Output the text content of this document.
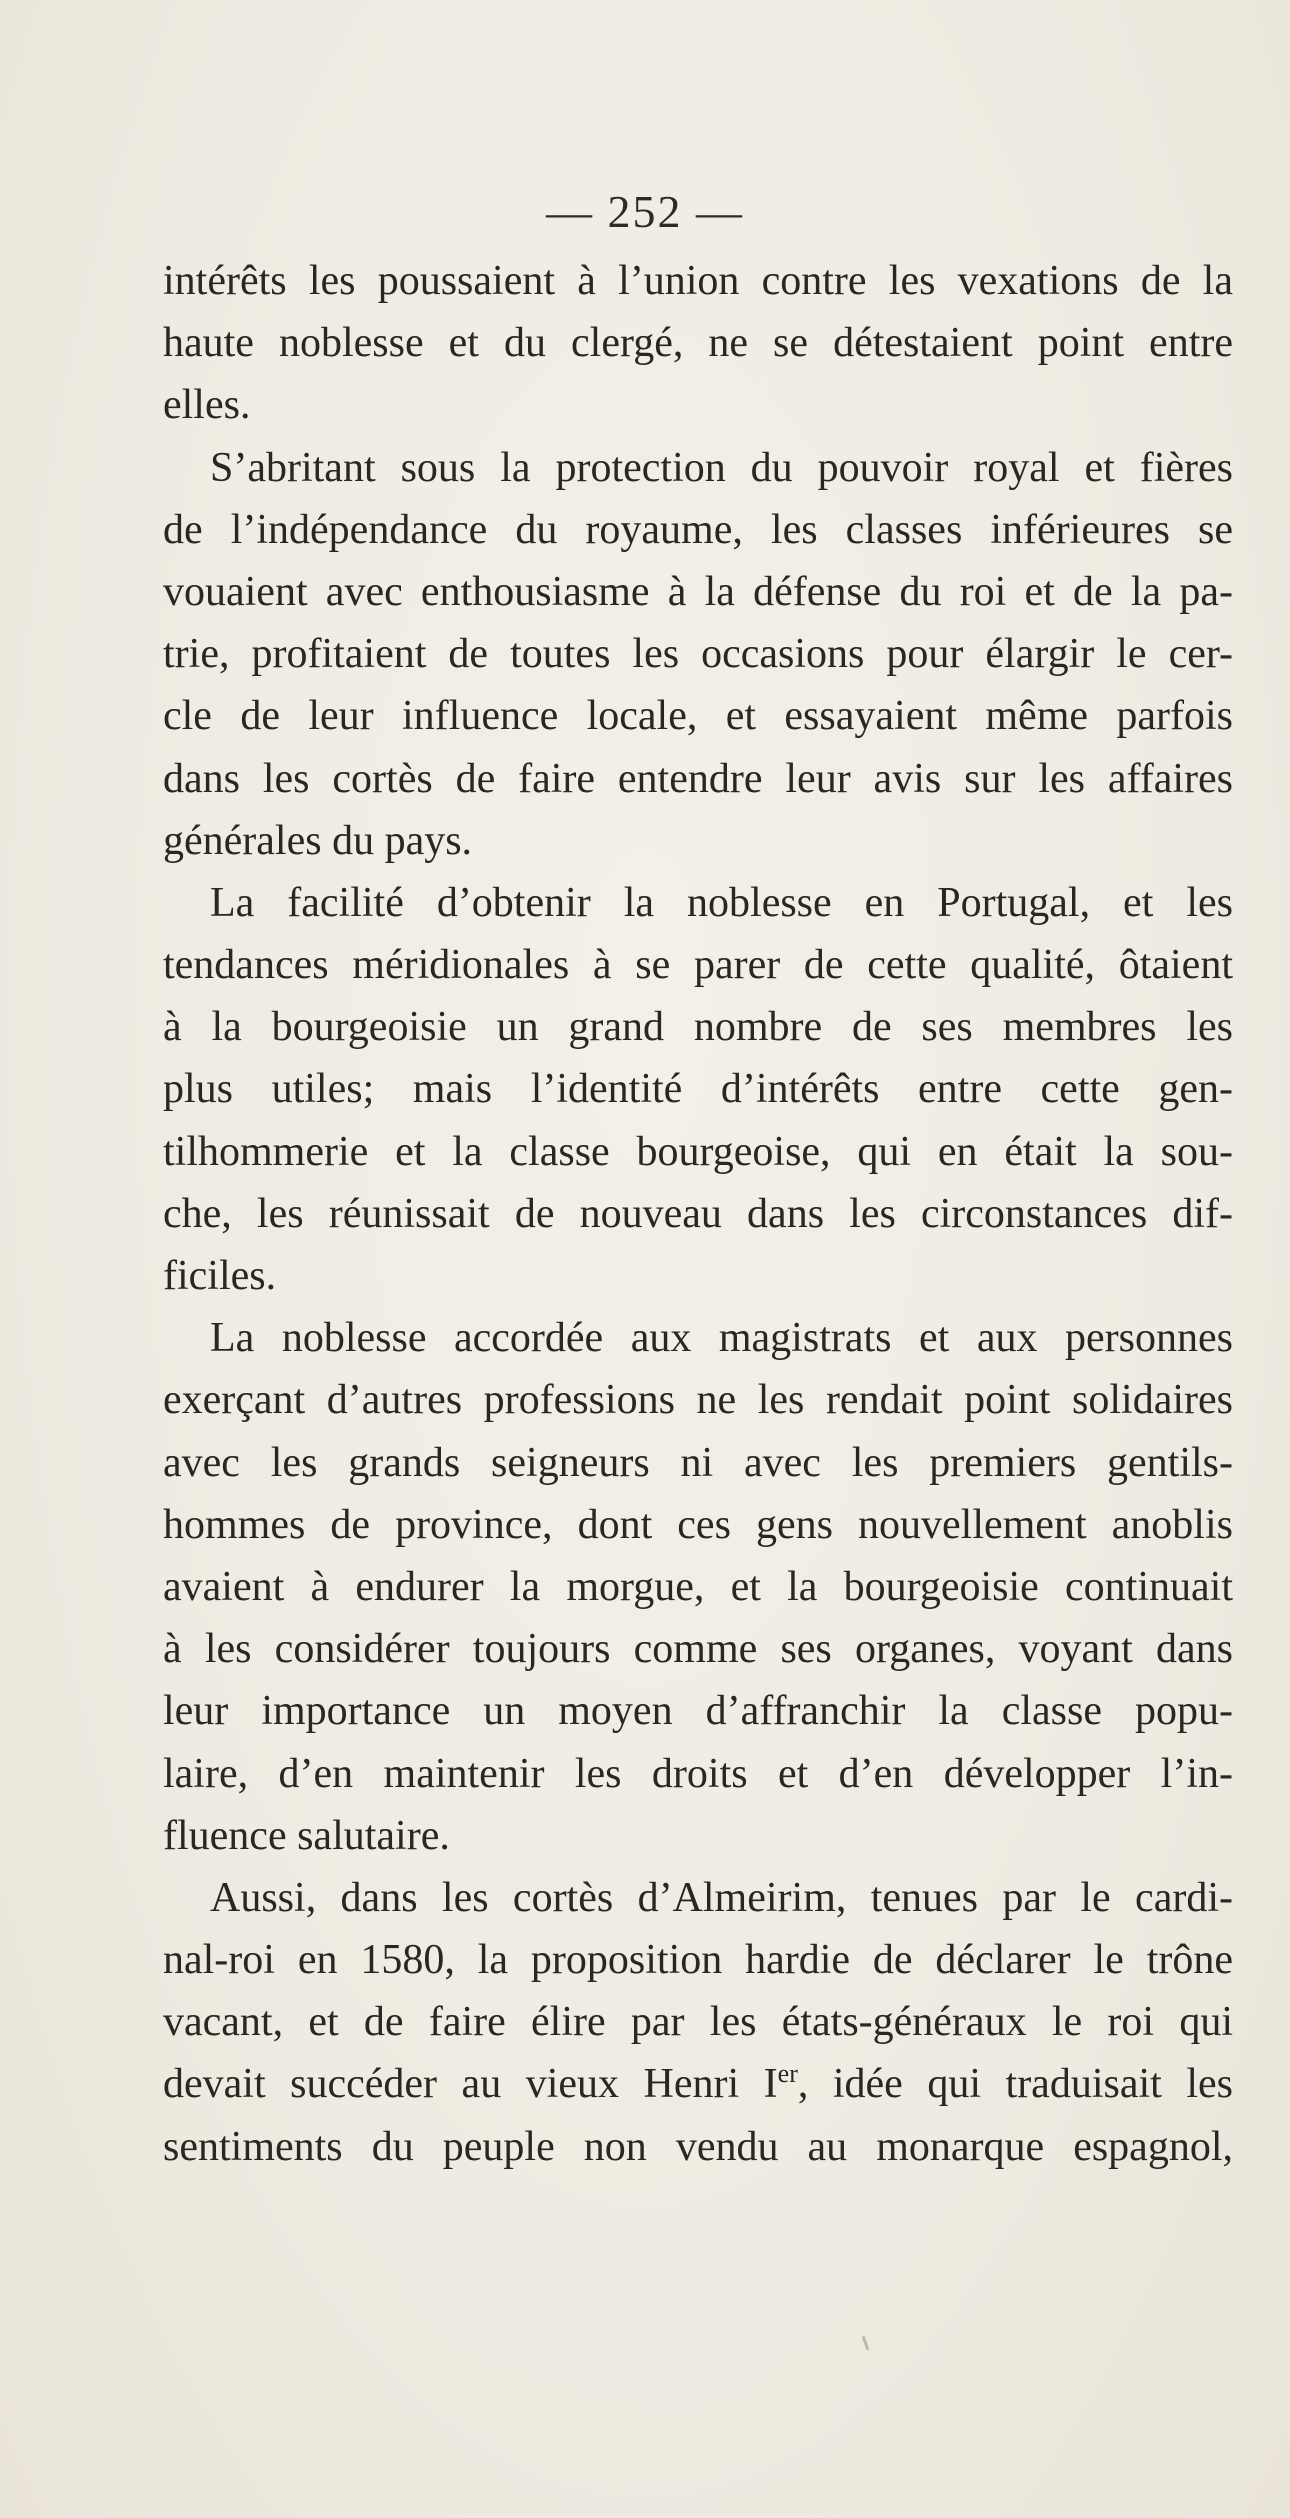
— 252 —
intérêts les poussaient à l’union contre les vexations de la
haute noblesse et du clergé, ne se détestaient point entre
elles.
S’abritant sous la protection du pouvoir royal et fières
de l’indépendance du royaume, les classes inférieures se
vouaient avec enthousiasme à la défense du roi et de la pa-
trie, profitaient de toutes les occasions pour élargir le cer-
cle de leur influence locale, et essayaient même parfois
dans les cortès de faire entendre leur avis sur les affaires
générales du pays.
La facilité d’obtenir la noblesse en Portugal, et les
tendances méridionales à se parer de cette qualité, ôtaient
à la bourgeoisie un grand nombre de ses membres les
plus utiles; mais l’identité d’intérêts entre cette gen-
tilhommerie et la classe bourgeoise, qui en était la sou-
che, les réunissait de nouveau dans les circonstances dif-
ficiles.
La noblesse accordée aux magistrats et aux personnes
exerçant d’autres professions ne les rendait point solidaires
avec les grands seigneurs ni avec les premiers gentils-
hommes de province, dont ces gens nouvellement anoblis
avaient à endurer la morgue, et la bourgeoisie continuait
à les considérer toujours comme ses organes, voyant dans
leur importance un moyen d’affranchir la classe popu-
laire, d’en maintenir les droits et d’en développer l’in-
fluence salutaire.
Aussi, dans les cortès d’Almeirim, tenues par le cardi-
nal-roi en 1580, la proposition hardie de déclarer le trône
vacant, et de faire élire par les états-généraux le roi qui
devait succéder au vieux Henri Ier, idée qui traduisait les
sentiments du peuple non vendu au monarque espagnol,
